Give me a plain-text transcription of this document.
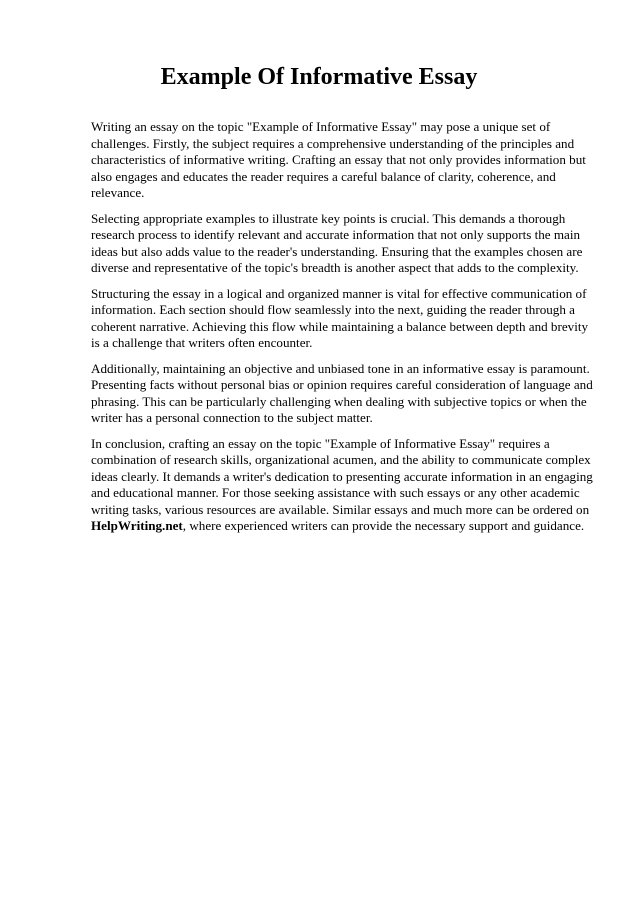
Example Of Informative Essay

Writing an essay on the topic "Example of Informative Essay" may pose a unique set of challenges. Firstly, the subject requires a comprehensive understanding of the principles and characteristics of informative writing. Crafting an essay that not only provides information but also engages and educates the reader requires a careful balance of clarity, coherence, and relevance.

Selecting appropriate examples to illustrate key points is crucial. This demands a thorough research process to identify relevant and accurate information that not only supports the main ideas but also adds value to the reader's understanding. Ensuring that the examples chosen are diverse and representative of the topic's breadth is another aspect that adds to the complexity.

Structuring the essay in a logical and organized manner is vital for effective communication of information. Each section should flow seamlessly into the next, guiding the reader through a coherent narrative. Achieving this flow while maintaining a balance between depth and brevity is a challenge that writers often encounter.

Additionally, maintaining an objective and unbiased tone in an informative essay is paramount. Presenting facts without personal bias or opinion requires careful consideration of language and phrasing. This can be particularly challenging when dealing with subjective topics or when the writer has a personal connection to the subject matter.

In conclusion, crafting an essay on the topic "Example of Informative Essay" requires a combination of research skills, organizational acumen, and the ability to communicate complex ideas clearly. It demands a writer's dedication to presenting accurate information in an engaging and educational manner. For those seeking assistance with such essays or any other academic writing tasks, various resources are available. Similar essays and much more can be ordered on
HelpWriting.net, where experienced writers can provide the necessary support and guidance.
